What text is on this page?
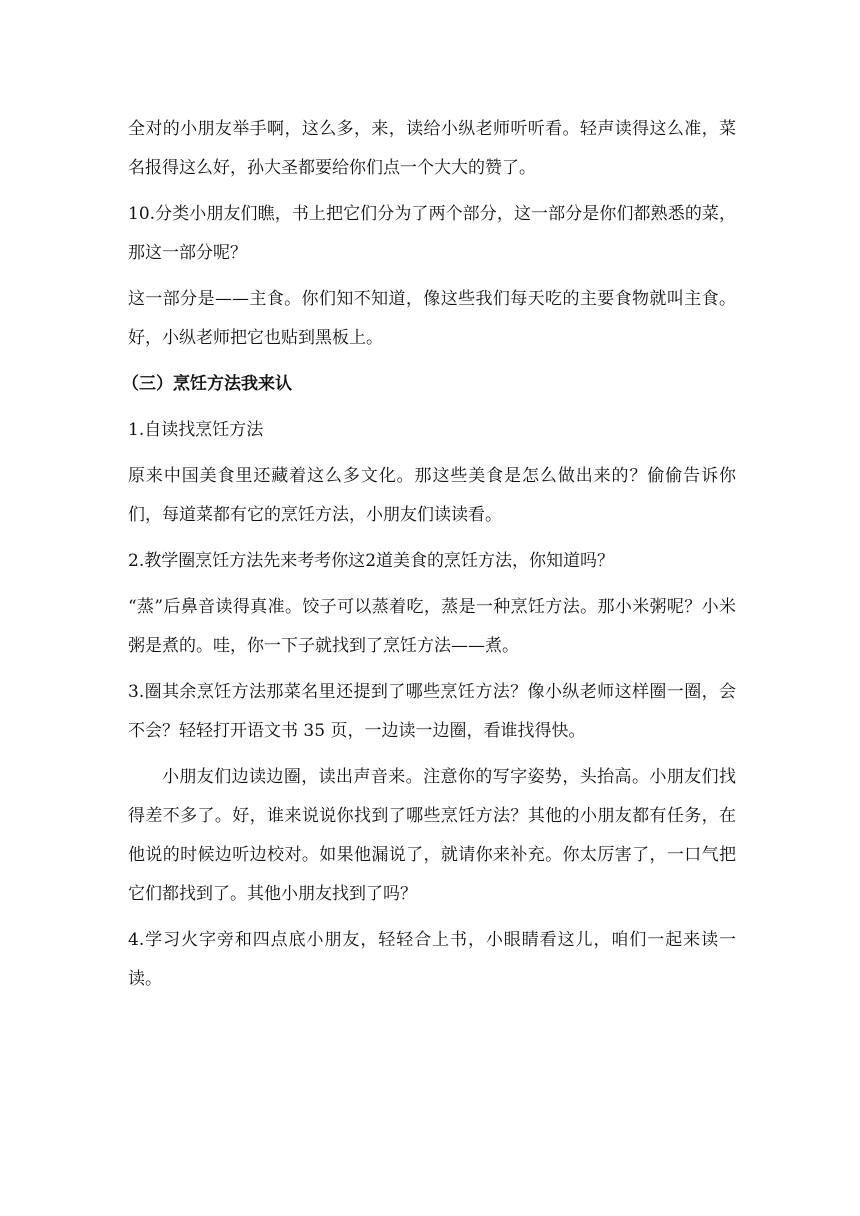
全对的小朋友举手啊，这么多，来，读给小纵老师听听看。轻声读得这么准，菜名报得这么好，孙大圣都要给你们点一个大大的赞了。

10.分类小朋友们瞧，书上把它们分为了两个部分，这一部分是你们都熟悉的菜，那这一部分呢？

这一部分是——主食。你们知不知道，像这些我们每天吃的主要食物就叫主食。好，小纵老师把它也贴到黑板上。

（三）烹饪方法我来认

1.自读找烹饪方法

原来中国美食里还藏着这么多文化。那这些美食是怎么做出来的？偷偷告诉你们，每道菜都有它的烹饪方法，小朋友们读读看。

2.教学圈烹饪方法先来考考你这2道美食的烹饪方法，你知道吗？

“蒸”后鼻音读得真准。饺子可以蒸着吃，蒸是一种烹饪方法。那小米粥呢？小米粥是煮的。哇，你一下子就找到了烹饪方法——煮。

3.圈其余烹饪方法那菜名里还提到了哪些烹饪方法？像小纵老师这样圈一圈，会不会？轻轻打开语文书 35 页，一边读一边圈，看谁找得快。

小朋友们边读边圈，读出声音来。注意你的写字姿势，头抬高。小朋友们找得差不多了。好，谁来说说你找到了哪些烹饪方法？其他的小朋友都有任务，在他说的时候边听边校对。如果他漏说了，就请你来补充。你太厉害了，一口气把它们都找到了。其他小朋友找到了吗？

4.学习火字旁和四点底小朋友，轻轻合上书，小眼睛看这儿，咱们一起来读一读。
